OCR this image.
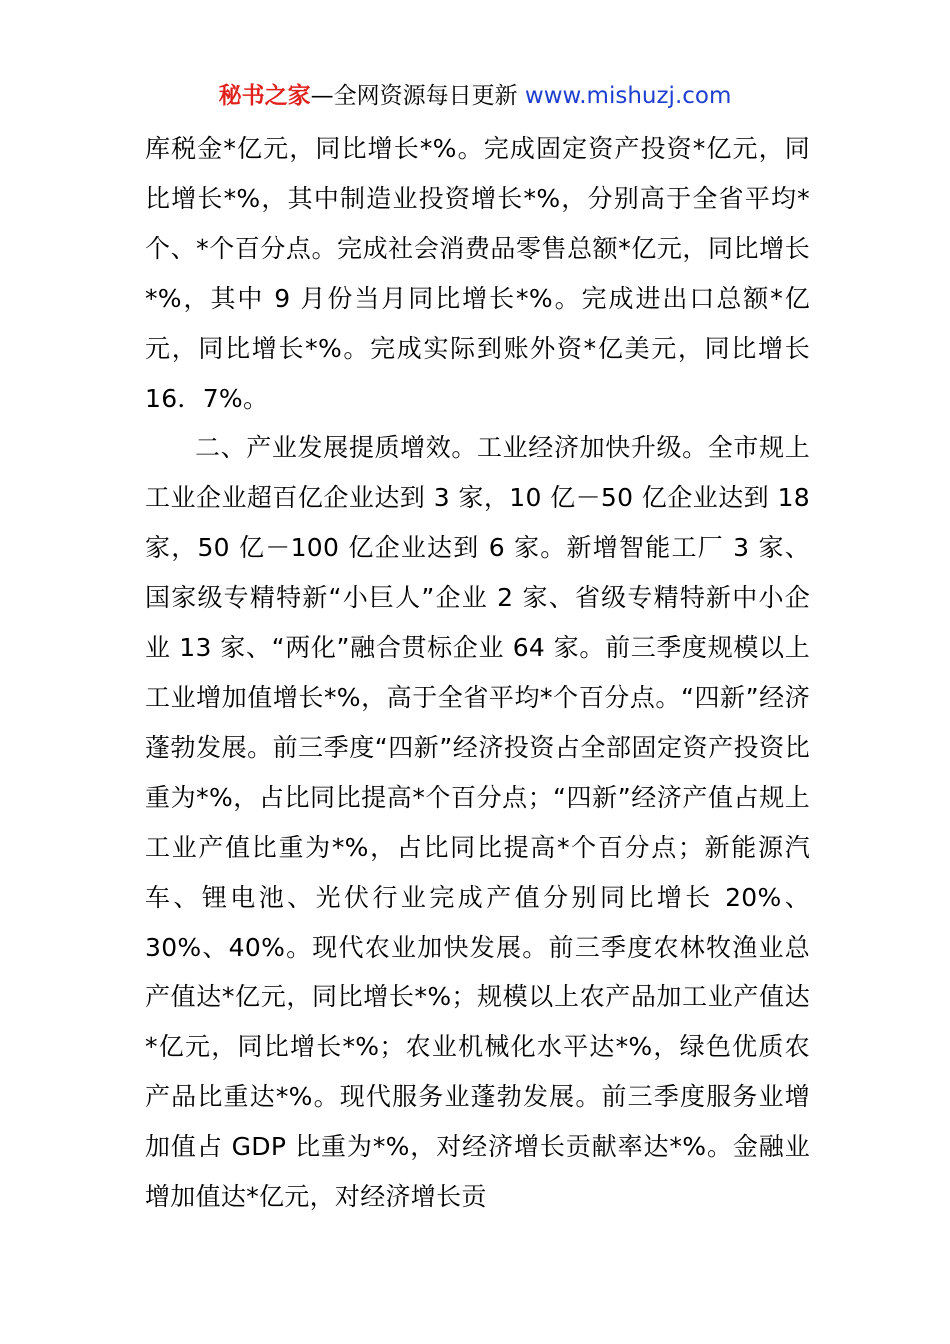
秘书之家—全网资源每日更新 www.mishuzj.com

库税金*亿元，同比增长*%。完成固定资产投资*亿元，同比增长*%，其中制造业投资增长*%，分别高于全省平均*个、*个百分点。完成社会消费品零售总额*亿元，同比增长*%，其中 9 月份当月同比增长*%。完成进出口总额*亿元，同比增长*%。完成实际到账外资*亿美元，同比增长 16．7%。

二、产业发展提质增效。工业经济加快升级。全市规上工业企业超百亿企业达到 3 家，10 亿－50 亿企业达到 18 家，50 亿－100 亿企业达到 6 家。新增智能工厂 3 家、国家级专精特新“小巨人”企业 2 家、省级专精特新中小企业 13 家、“两化”融合贯标企业 64 家。前三季度规模以上工业增加值增长*%，高于全省平均*个百分点。“四新”经济蓬勃发展。前三季度“四新”经济投资占全部固定资产投资比重为*%，占比同比提高*个百分点；“四新”经济产值占规上工业产值比重为*%，占比同比提高*个百分点；新能源汽车、锂电池、光伏行业完成产值分别同比增长 20%、30%、40%。现代农业加快发展。前三季度农林牧渔业总产值达*亿元，同比增长*%；规模以上农产品加工业产值达*亿元，同比增长*%；农业机械化水平达*%，绿色优质农产品比重达*%。现代服务业蓬勃发展。前三季度服务业增加值占 GDP 比重为*%，对经济增长贡献率达*%。金融业增加值达*亿元，对经济增长贡
